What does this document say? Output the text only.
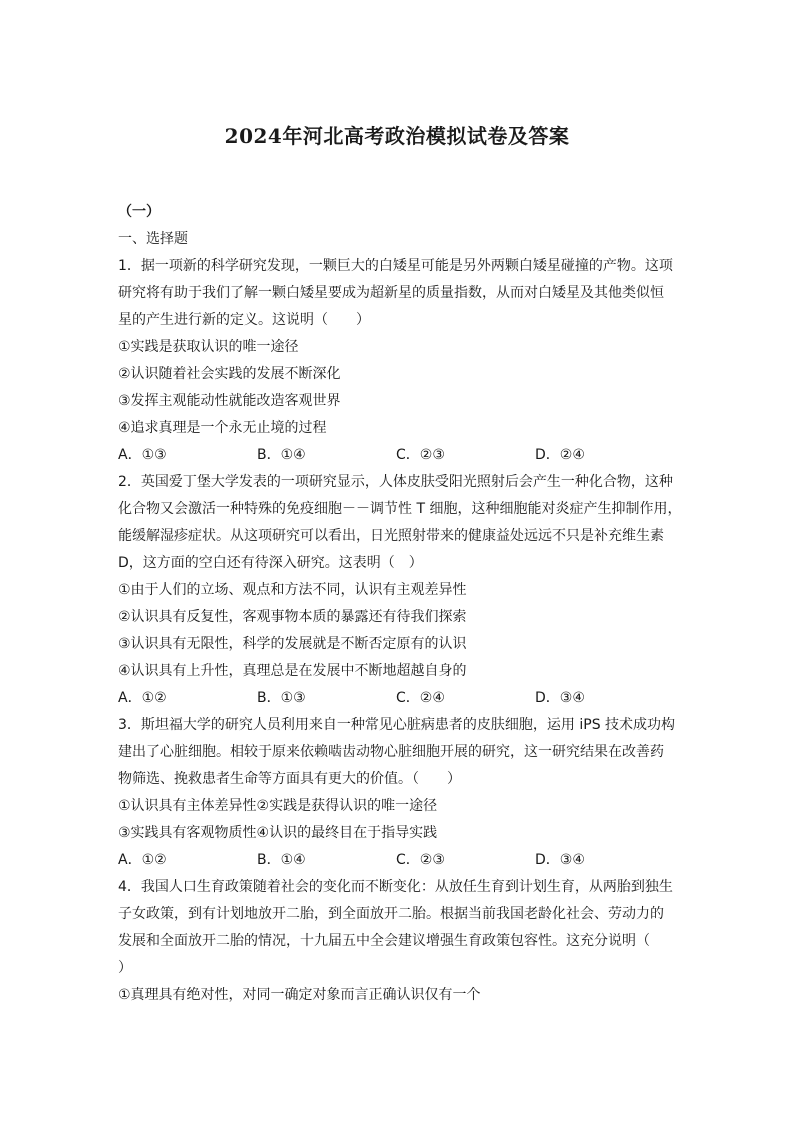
2024年河北高考政治模拟试卷及答案
（一）
一、选择题
1．据一项新的科学研究发现，一颗巨大的白矮星可能是另外两颗白矮星碰撞的产物。这项
研究将有助于我们了解一颗白矮星要成为超新星的质量指数，从而对白矮星及其他类似恒
星的产生进行新的定义。这说明（　　）
①实践是获取认识的唯一途径
②认识随着社会实践的发展不断深化
③发挥主观能动性就能改造客观世界
④追求真理是一个永无止境的过程
A．①③	B．①④	C．②③	D．②④
2．英国爱丁堡大学发表的一项研究显示，人体皮肤受阳光照射后会产生一种化合物，这种
化合物又会激活一种特殊的免疫细胞－－调节性 T 细胞，这种细胞能对炎症产生抑制作用，
能缓解湿疹症状。从这项研究可以看出，日光照射带来的健康益处远远不只是补充维生素
D，这方面的空白还有待深入研究。这表明（　）
①由于人们的立场、观点和方法不同，认识有主观差异性
②认识具有反复性，客观事物本质的暴露还有待我们探索
③认识具有无限性，科学的发展就是不断否定原有的认识
④认识具有上升性，真理总是在发展中不断地超越自身的
A．①②	B．①③	C．②④	D．③④
3．斯坦福大学的研究人员利用来自一种常见心脏病患者的皮肤细胞，运用 iPS 技术成功构
建出了心脏细胞。相较于原来依赖啮齿动物心脏细胞开展的研究，这一研究结果在改善药
物筛选、挽救患者生命等方面具有更大的价值。（　　）
①认识具有主体差异性②实践是获得认识的唯一途径
③实践具有客观物质性④认识的最终目在于指导实践
A．①②	B．①④	C．②③	D．③④
4．我国人口生育政策随着社会的变化而不断变化：从放任生育到计划生育，从两胎到独生
子女政策，到有计划地放开二胎，到全面放开二胎。根据当前我国老龄化社会、劳动力的
发展和全面放开二胎的情况，十九届五中全会建议增强生育政策包容性。这充分说明（
）
①真理具有绝对性，对同一确定对象而言正确认识仅有一个
